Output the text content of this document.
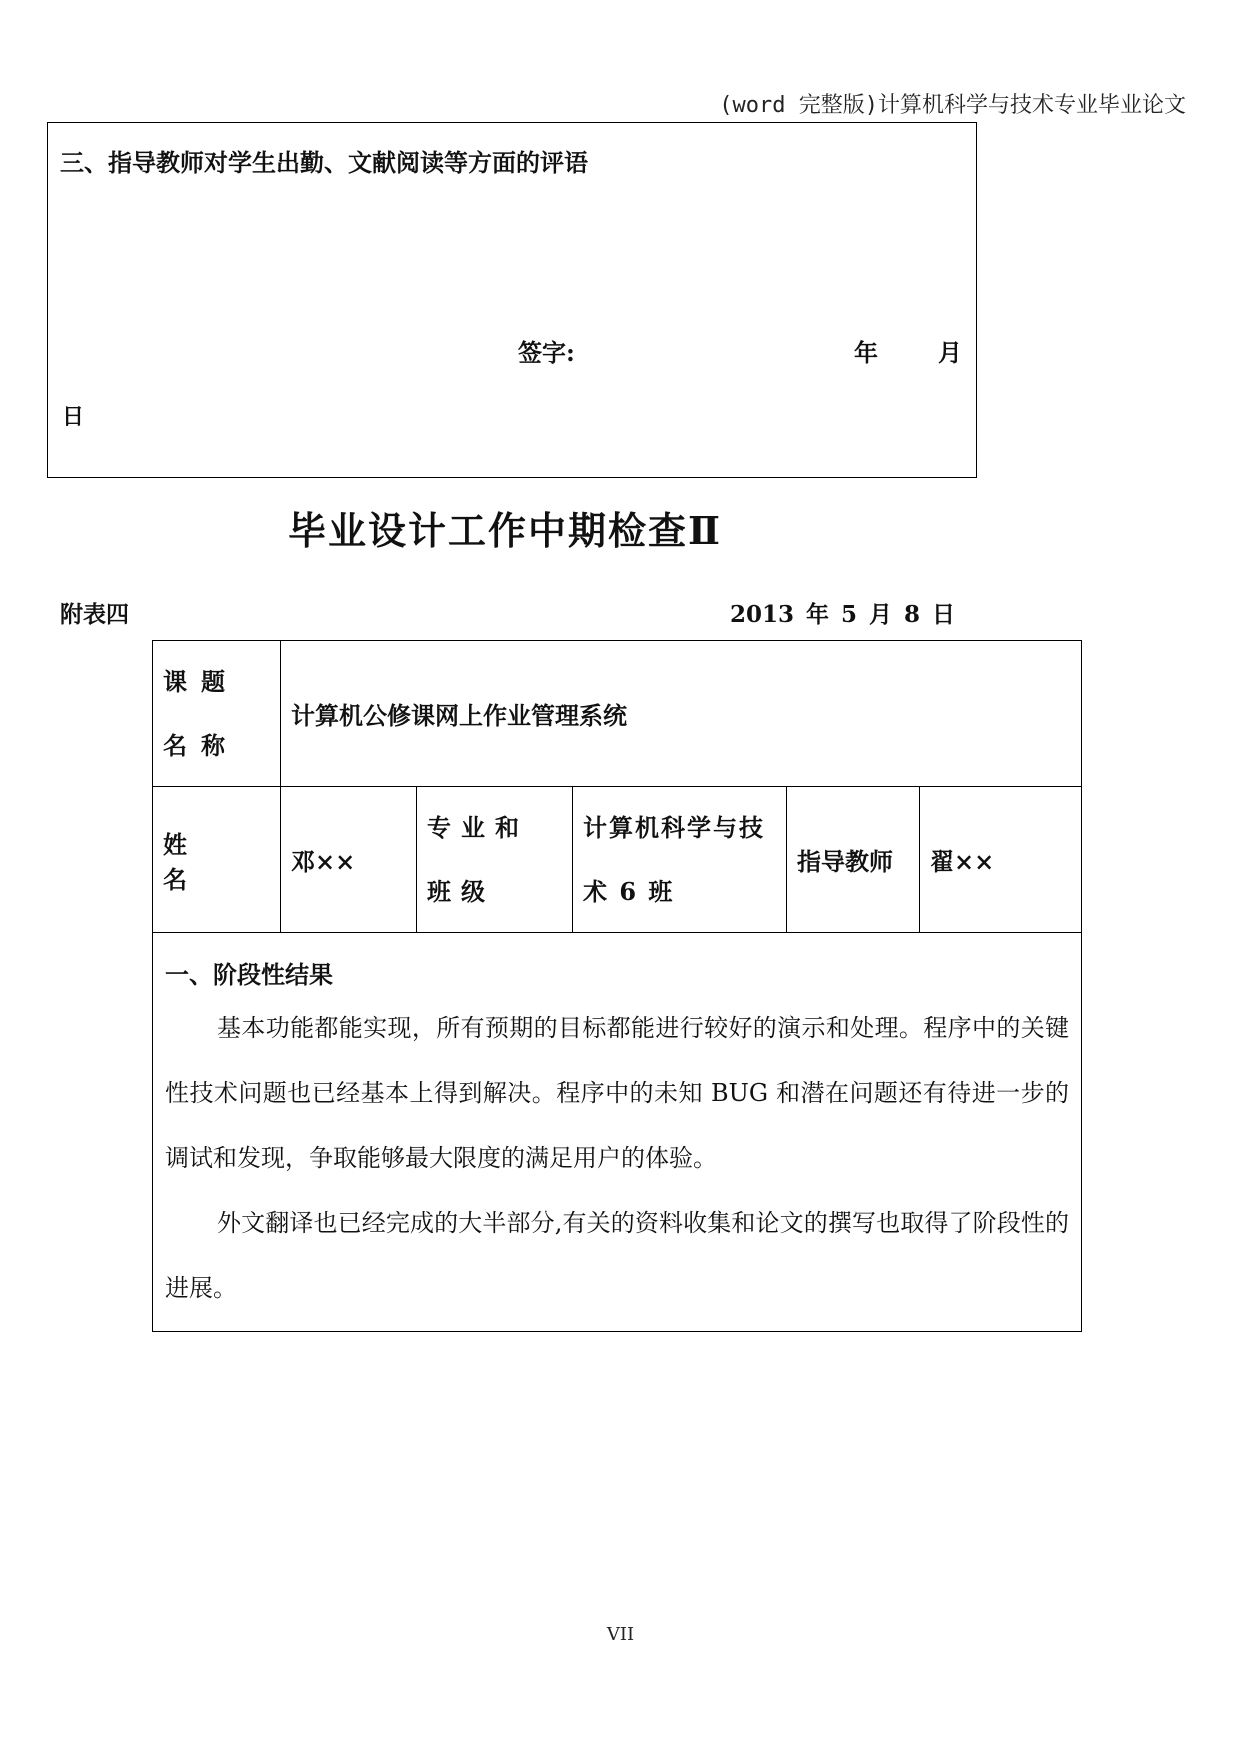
(word 完整版)计算机科学与技术专业毕业论文
三、指导教师对学生出勤、文献阅读等方面的评语
签字:	年	月
日
毕业设计工作中期检查Ⅱ
附表四	2013 年 5 月 8 日
课题名称	计算机公修课网上作业管理系统				

姓名	邓××	专业和班级	计算机科学与技术 6 班	指导教师	翟××

一、阶段性结果

基本功能都能实现，所有预期的目标都能进行较好的演示和处理。程序中的关键性技术问题也已经基本上得到解决。程序中的未知 BUG 和潜在问题还有待进一步的调试和发现，争取能够最大限度的满足用户的体验。

外文翻译也已经完成的大半部分,有关的资料收集和论文的撰写也取得了阶段性的进展。					

VII
